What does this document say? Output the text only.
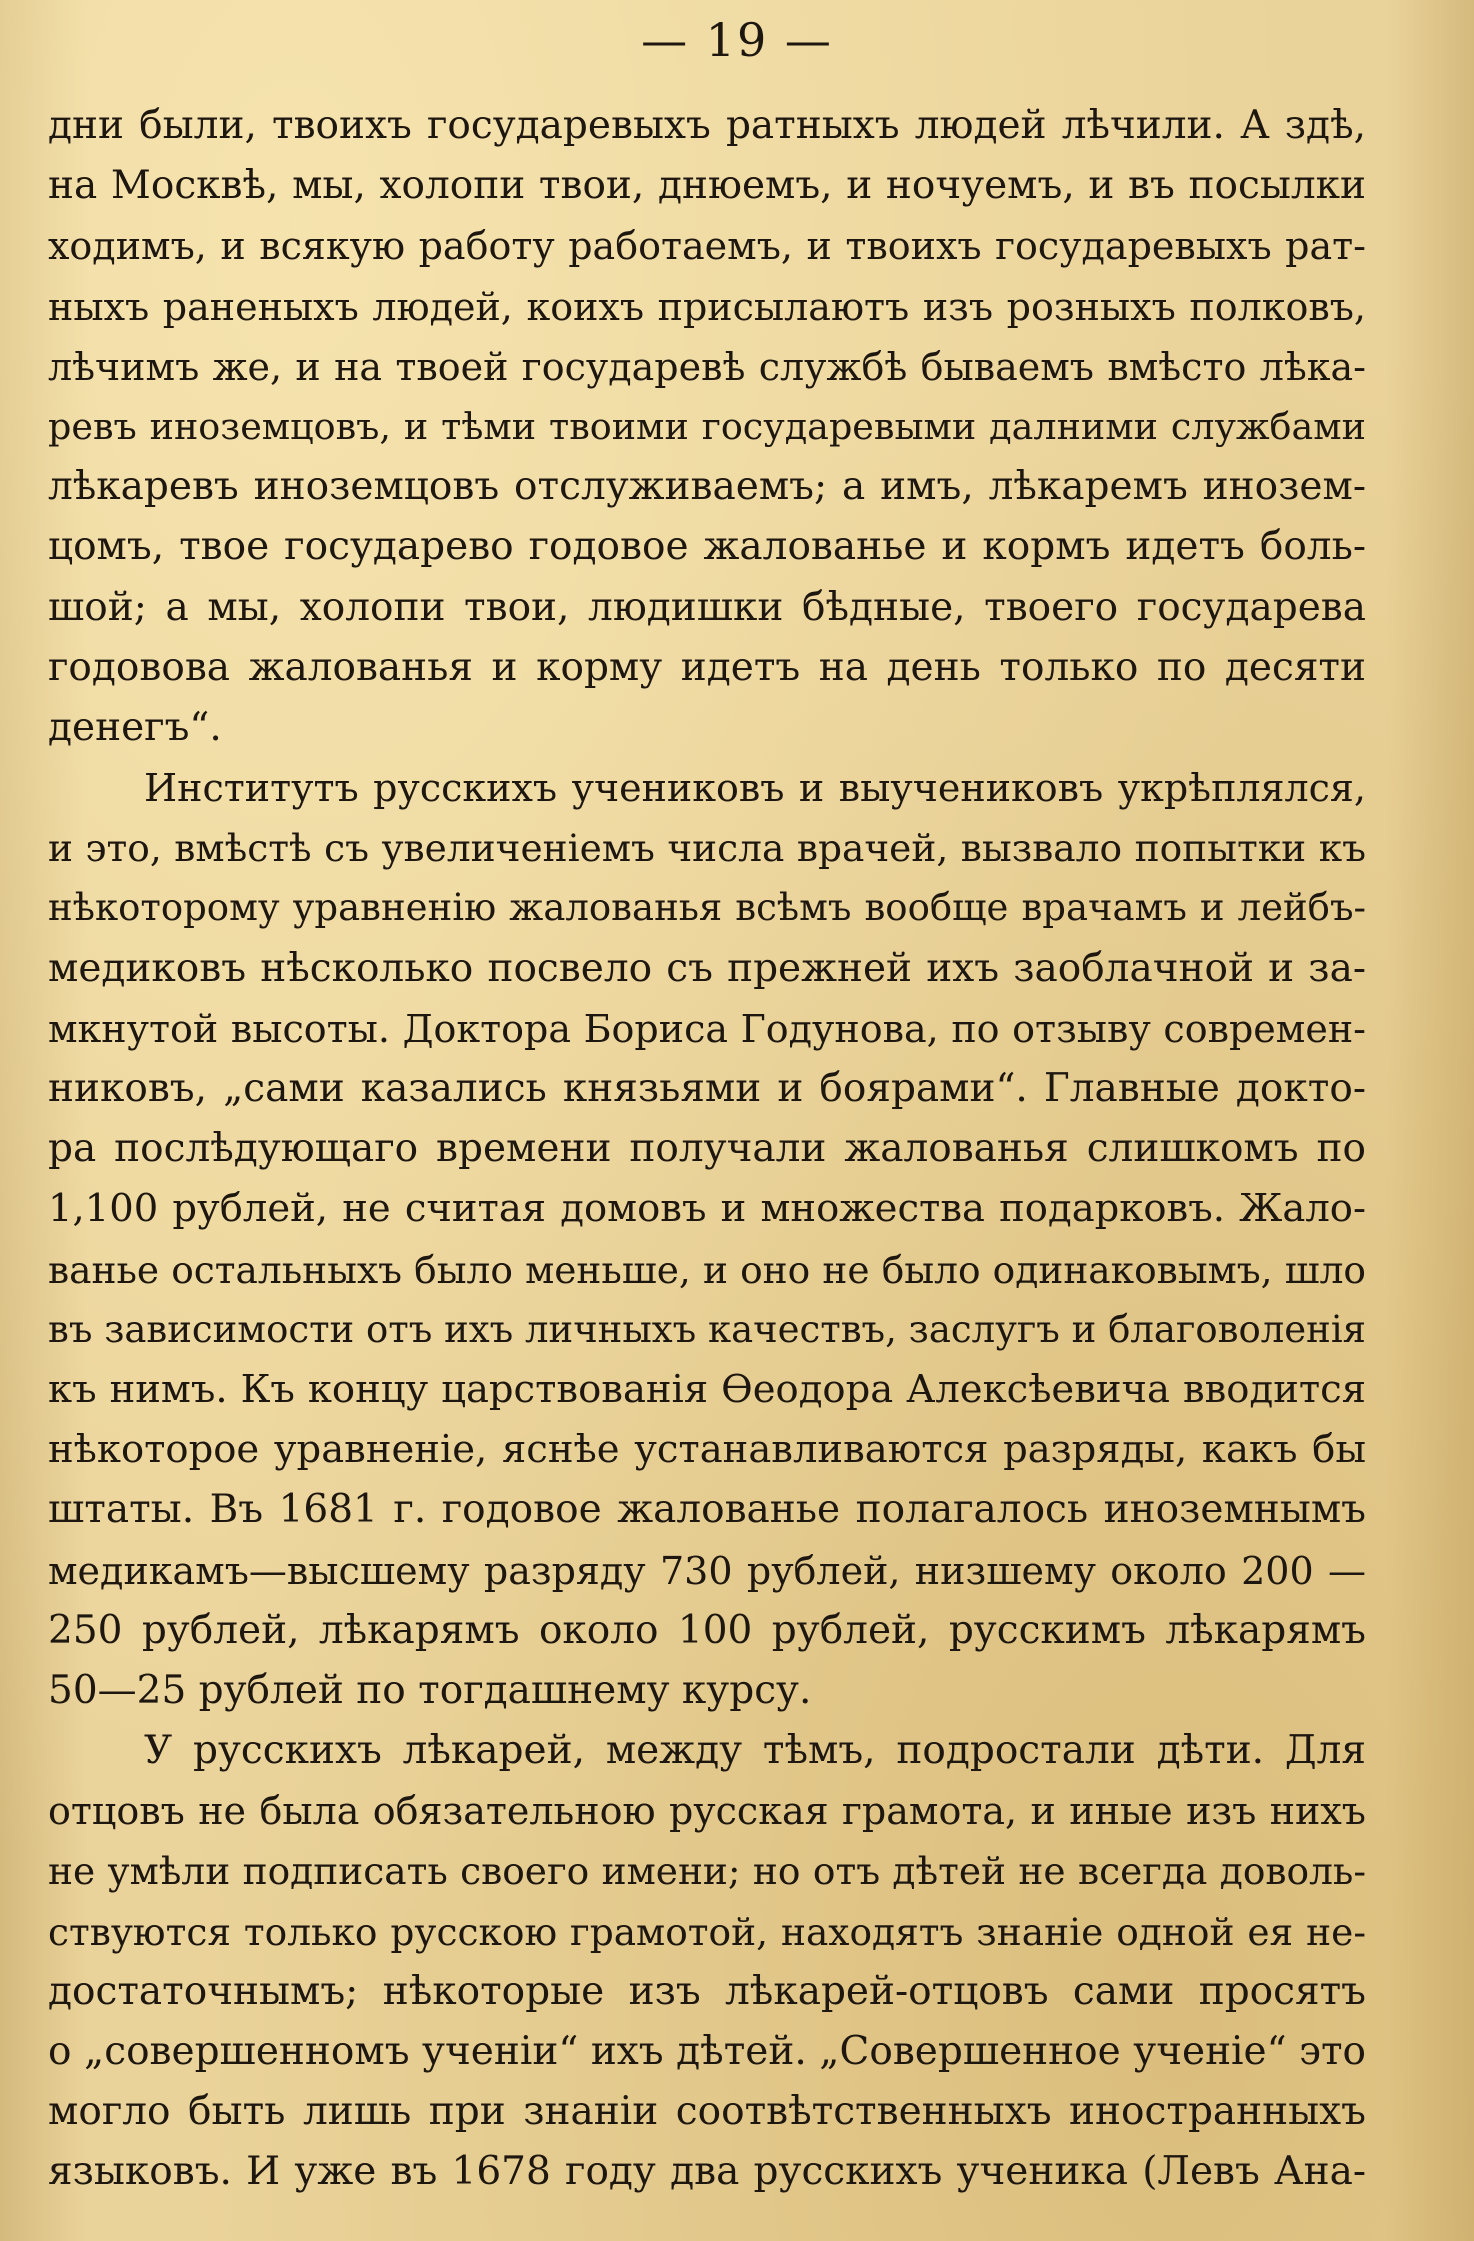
— 19 —
дни были, твоихъ государевыхъ ратныхъ людей лѣчили. А здѣ,
на Москвѣ, мы, холопи твои, днюемъ, и ночуемъ, и въ посылки
ходимъ, и всякую работу работаемъ, и твоихъ государевыхъ рат-
ныхъ раненыхъ людей, коихъ присылаютъ изъ розныхъ полковъ,
лѣчимъ же, и на твоей государевѣ службѣ бываемъ вмѣсто лѣка-
ревъ иноземцовъ, и тѣми твоими государевыми далними службами
лѣкаревъ иноземцовъ отслуживаемъ; а имъ, лѣкаремъ инозем-
цомъ, твое государево годовое жалованье и кормъ идетъ боль-
шой; а мы, холопи твои, людишки бѣдные, твоего государева
годовова жалованья и корму идетъ на день только по десяти
денегъ“.
Институтъ русскихъ учениковъ и выучениковъ укрѣплялся,
и это, вмѣстѣ съ увеличенiемъ числа врачей, вызвало попытки къ
нѣкоторому уравненiю жалованья всѣмъ вообще врачамъ и лейбъ-
медиковъ нѣсколько посвело съ прежней ихъ заоблачной и за-
мкнутой высоты. Доктора Бориса Годунова, по отзыву современ-
никовъ, „сами казались князьями и боярами“. Главные доктo-
ра послѣдующаго времени получали жалованья слишкомъ по
1,100 рублей, не считая домовъ и множества подарковъ. Жало-
ванье остальныхъ было меньше, и оно не было одинаковымъ, шло
въ зависимости отъ ихъ личныхъ качествъ, заслугъ и благоволенiя
къ нимъ. Къ концу царствованiя Өеодора Алексѣевича вводится
нѣкоторое уравненiе, яснѣе устанавливаются разряды, какъ бы
штаты. Въ 1681 г. годовое жалованье полагалось иноземнымъ
медикамъ—высшему разряду 730 рублей, низшему около 200 —
250 рублей, лѣкарямъ около 100 рублей, русскимъ лѣкарямъ
50—25 рублей по тогдашнему курсу.
У русскихъ лѣкарей, между тѣмъ, подростали дѣти. Для
отцовъ не была обязательною русская грамота, и иные изъ нихъ
не умѣли подписать своего имени; но отъ дѣтей не всегда доволь-
ствуются только русскою грамотой, находятъ знанiе одной ея не-
достаточнымъ; нѣкоторые изъ лѣкарей-отцовъ сами просятъ
о „совершенномъ ученiи“ ихъ дѣтей. „Совершенное ученiе“ это
могло быть лишь при знанiи соотвѣтственныхъ иностранныхъ
языковъ. И уже въ 1678 году два русскихъ ученика (Левъ Ана-
